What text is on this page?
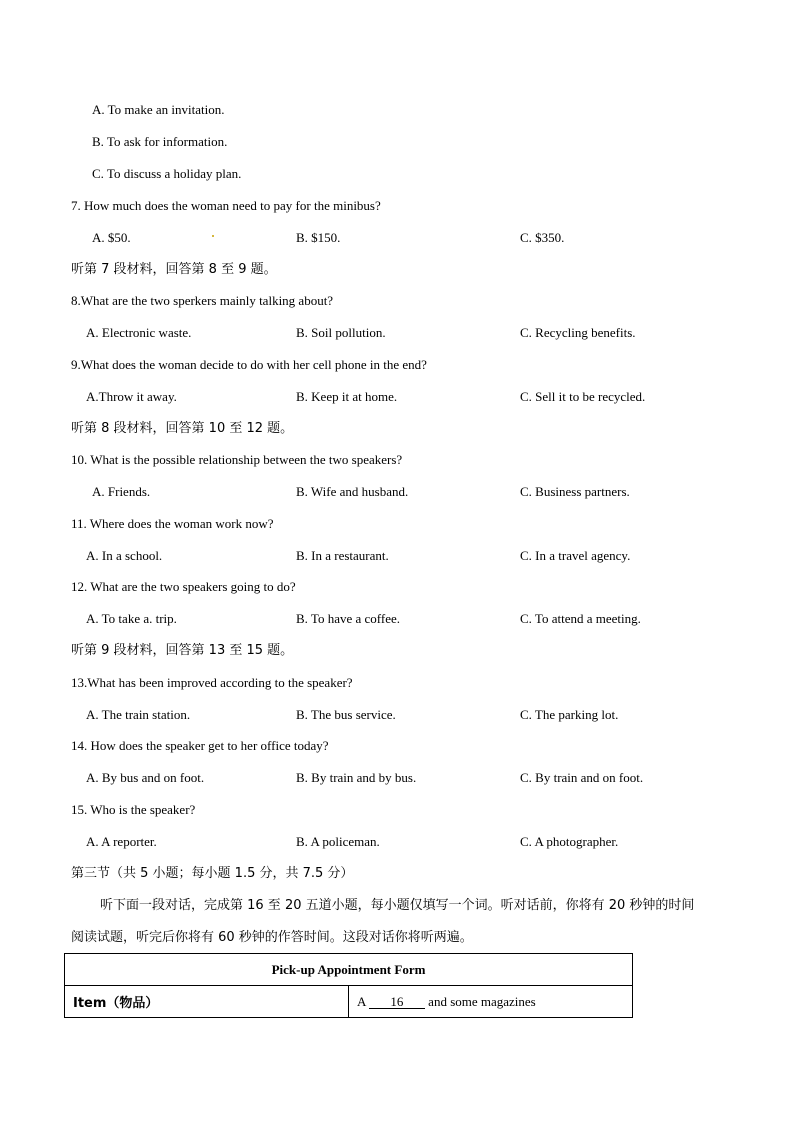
A. To make an invitation.
B. To ask for information.
C. To discuss a holiday plan.
7. How much does the woman need to pay for the minibus?
A. $50.	B. $150.	C. $350.
听第 7 段材料，回答第 8 至 9 题。
8.What are the two sperkers mainly talking about?
A. Electronic waste.	B. Soil pollution.	C. Recycling benefits.
9.What does the woman decide to do with her cell phone in the end?
A.Throw it away.	B. Keep it at home.	C. Sell it to be recycled.
听第 8 段材料，回答第 10 至 12 题。
10. What is the possible relationship between the two speakers?
A. Friends.	B. Wife and husband.	C. Business partners.
11. Where does the woman work now?
A. In a school.	B. In a restaurant.	C. In a travel agency.
12. What are the two speakers going to do?
A. To take a. trip.	B. To have a coffee.	C. To attend a meeting.
听第 9 段材料，回答第 13 至 15 题。
13.What has been improved according to the speaker?
A. The train station.	B. The bus service.	C. The parking lot.
14. How does the speaker get to her office today?
A. By bus and on foot.	B. By train and by bus.	C. By train and on foot.
15. Who is the speaker?
A. A reporter.	B. A policeman.	C. A photographer.
第三节（共 5 小题；每小题 1.5 分，共 7.5 分）
听下面一段对话，完成第 16 至 20 五道小题，每小题仅填写一个词。听对话前，你将有 20 秒钟的时间
阅读试题，听完后你将有 60 秒钟的作答时间。这段对话你将听两遍。
Pick-up Appointment Form
Item（物品）	A 16 and some magazines
